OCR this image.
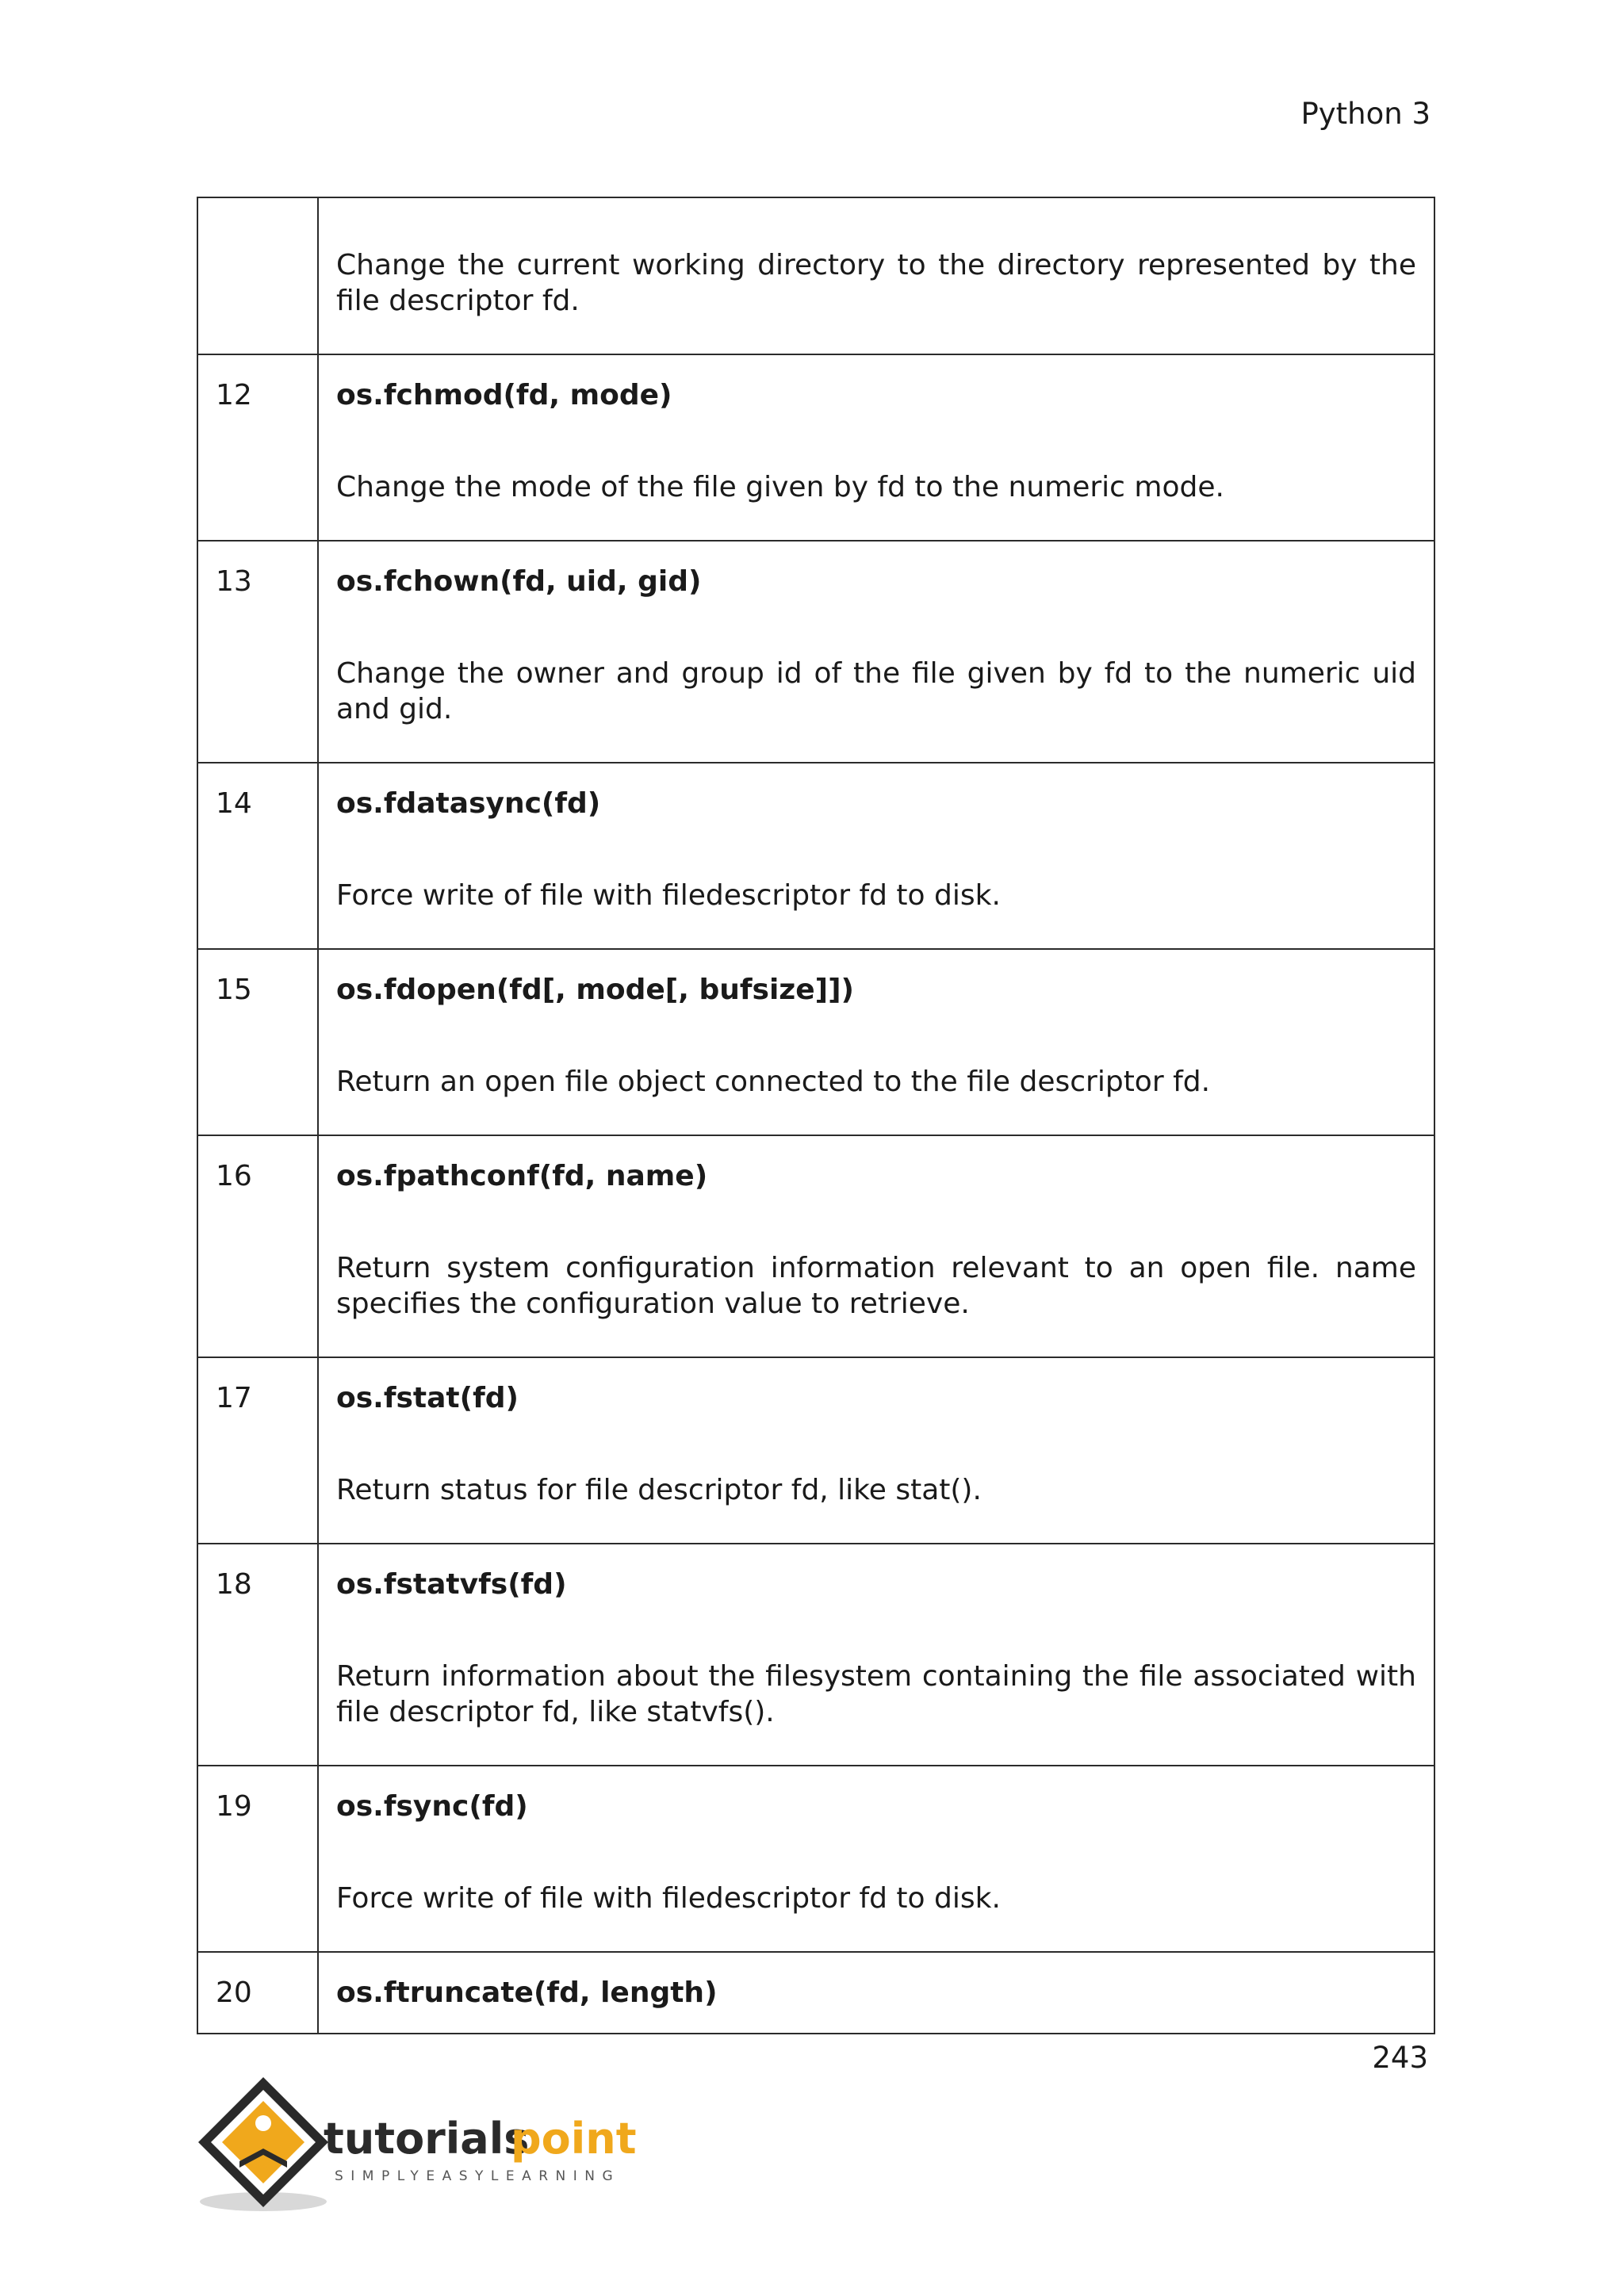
Python 3

	Change the current working directory to the directory represented by the file descriptor fd.

12	os.fchmod(fd, mode)
Change the mode of the file given by fd to the numeric mode.

13	os.fchown(fd, uid, gid)
Change the owner and group id of the file given by fd to the numeric uid and gid.

14	os.fdatasync(fd)
Force write of file with filedescriptor fd to disk.

15	os.fdopen(fd[, mode[, bufsize]])
Return an open file object connected to the file descriptor fd.

16	os.fpathconf(fd, name)
Return system configuration information relevant to an open file. name specifies the configuration value to retrieve.

17	os.fstat(fd)
Return status for file descriptor fd, like stat().

18	os.fstatvfs(fd)
Return information about the filesystem containing the file associated with file descriptor fd, like statvfs().

19	os.fsync(fd)
Force write of file with filedescriptor fd to disk.

20	os.ftruncate(fd, length)
243
tutorials
point
SIMPLYEASYLEARNING
